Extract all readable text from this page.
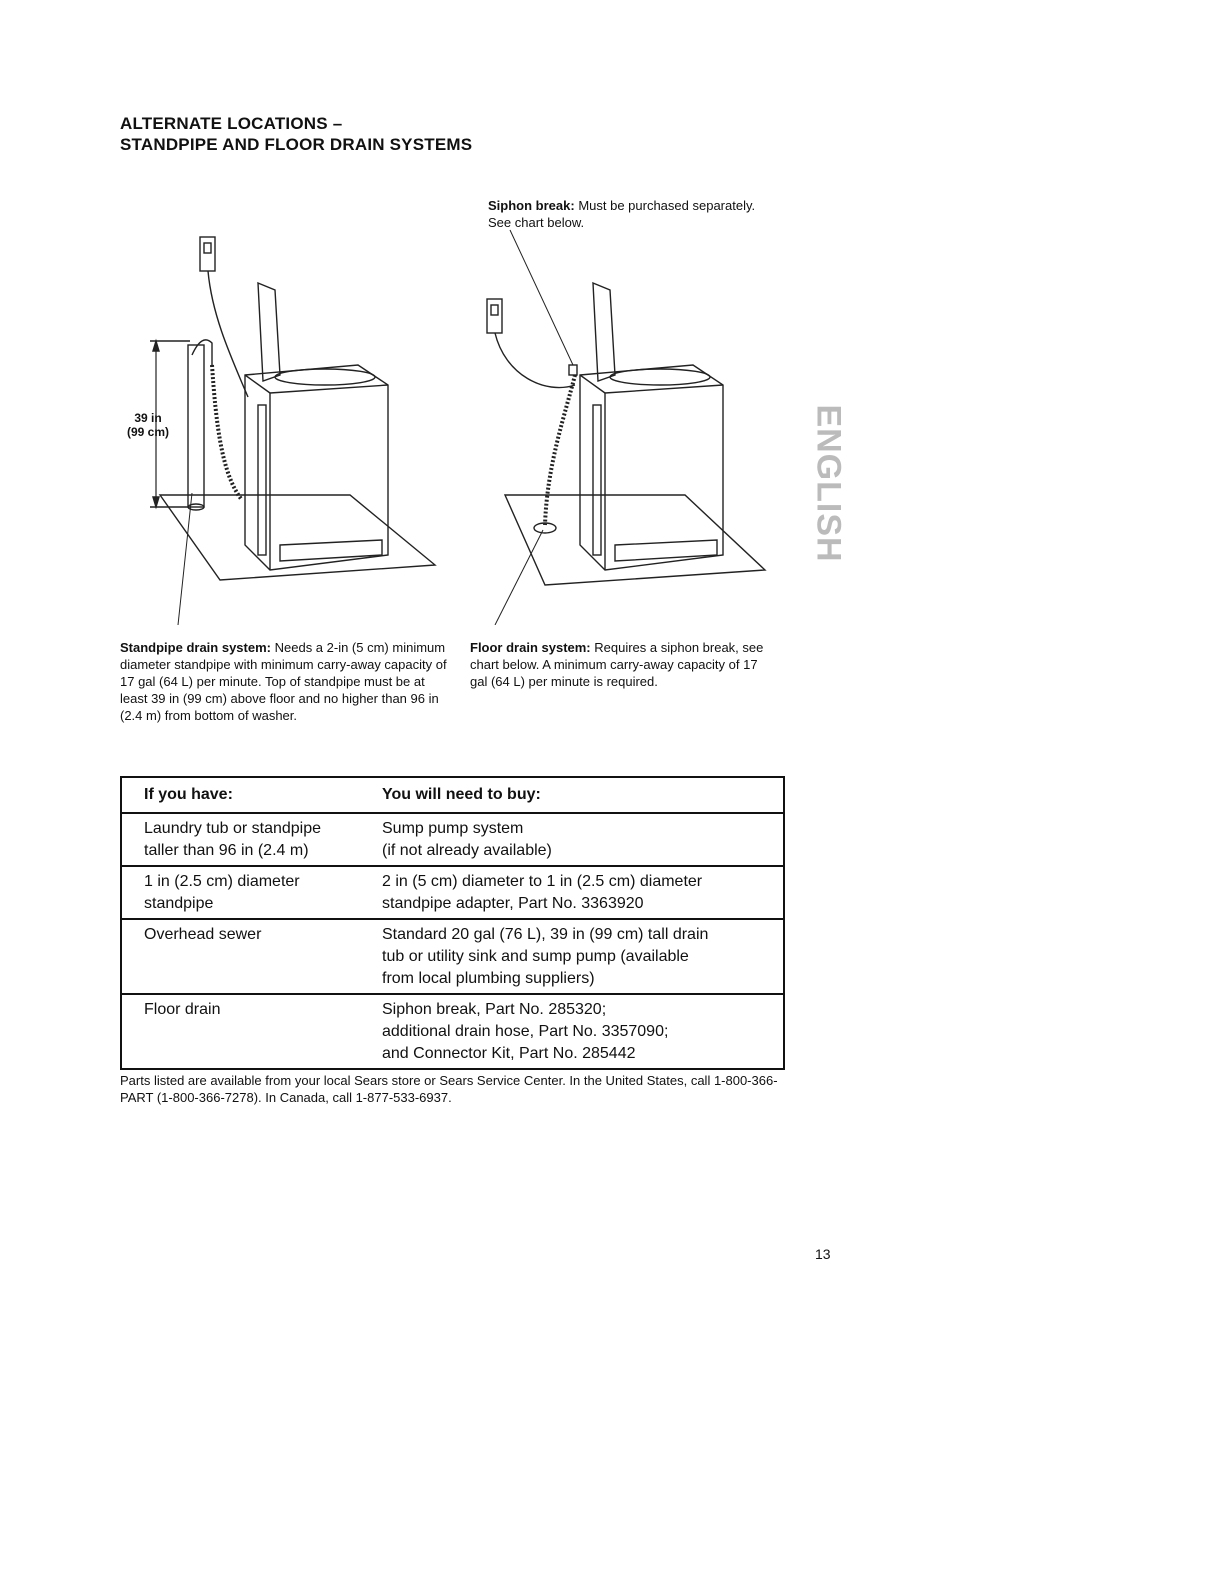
ALTERNATE LOCATIONS –
STANDPIPE AND FLOOR DRAIN SYSTEMS
Siphon break: Must be purchased separately. See chart below.
39 in
(99 cm)
Standpipe drain system: Needs a 2-in (5 cm) minimum diameter standpipe with minimum carry-away capacity of 17 gal (64 L) per minute. Top of standpipe must be at least 39 in (99 cm) above floor and no higher than 96 in (2.4 m) from bottom of washer.
Floor drain system: Requires a siphon break, see chart below. A minimum carry-away capacity of 17 gal (64 L) per minute is required.
ENGLISH
If you have:	You will need to buy:

Laundry tub or standpipe
taller than 96 in (2.4 m)	Sump pump system
(if not already available)

1 in (2.5 cm) diameter
standpipe	2 in (5 cm) diameter to 1 in (2.5 cm) diameter
standpipe adapter, Part No. 3363920

Overhead sewer	Standard 20 gal (76 L), 39 in (99 cm) tall drain
tub or utility sink and sump pump (available
from local plumbing suppliers)

Floor drain	Siphon break, Part No. 285320;
additional drain hose, Part No. 3357090;
and Connector Kit, Part No. 285442
Parts listed are available from your local Sears store or Sears Service Center. In the United States, call 1-800-366-PART (1-800-366-7278). In Canada, call 1-877-533-6937.
13
